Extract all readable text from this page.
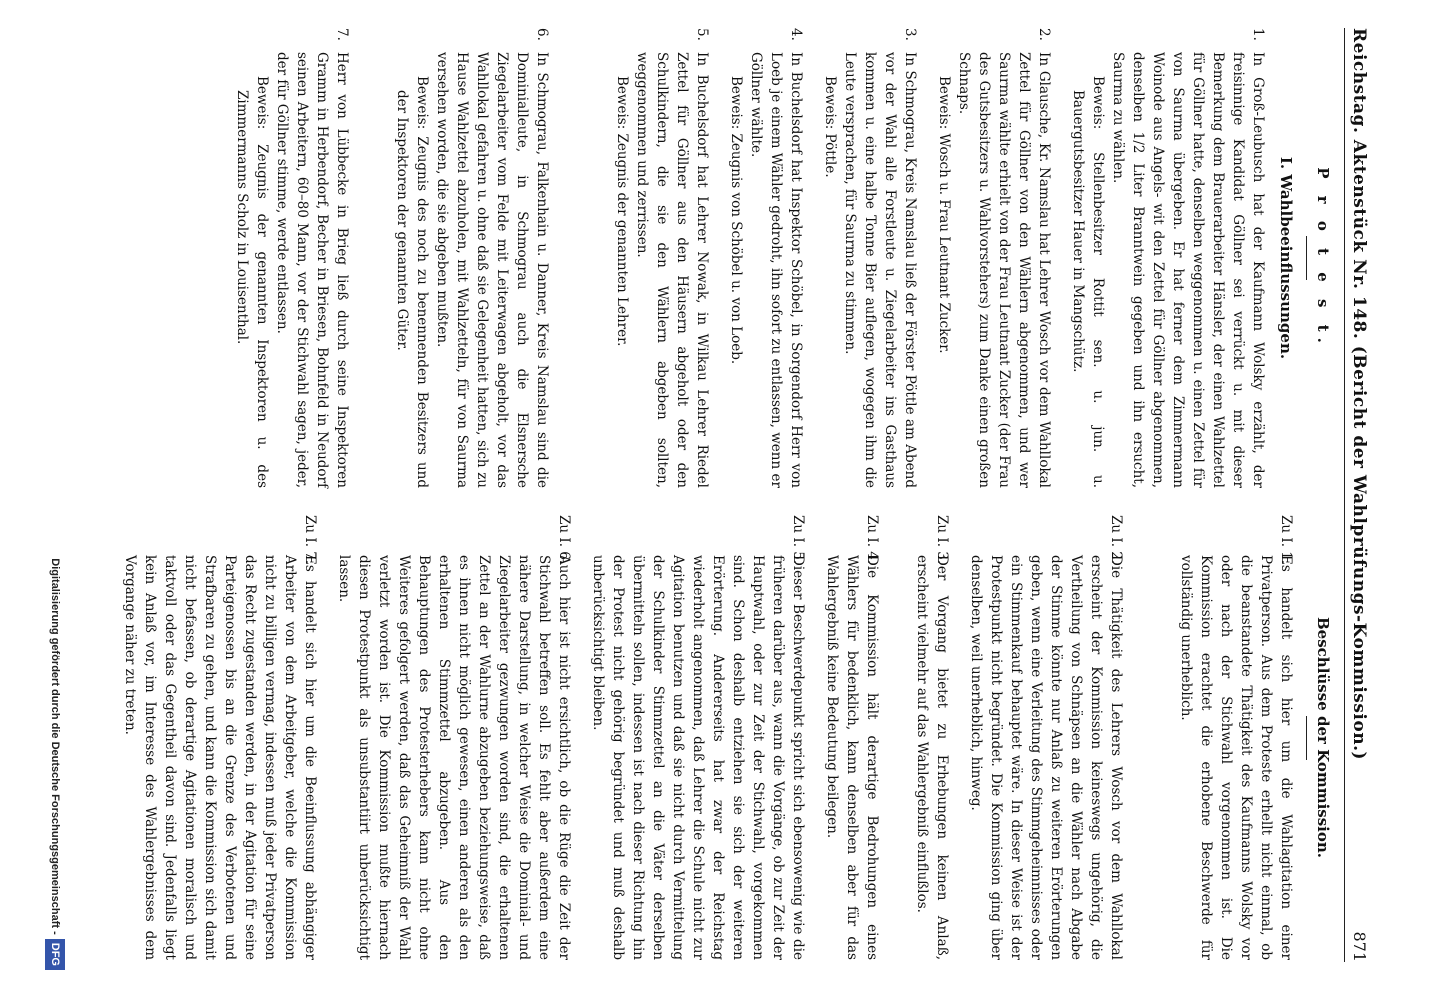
Reichstag. Aktenstück Nr. 148. (Bericht der Wahlprüfungs-Kommission.)
871
P r o t e s t.
I. Wahlbeeinflussungen.
1.
In Groß-Leubusch hat der Kaufmann Wolsky erzählt, der freisinnige Kandidat Göllner sei verrückt u. mit dieser Bemerkung dem Brauerarbeiter Hänsler, der einen Wahlzettel für Göllner hatte, denselben weggenommen u. einen Zettel für von Saurma übergeben. Er hat ferner dem Zimmermann Woinode aus Angels- wit den Zettel für Göllner abgenommen, denselben 1/2 Liter Branntwein gegeben und ihn ersucht, Saurma zu wählen.
Beweis: Stellenbesitzer Rottit sen. u. jun. u. Bauergutsbesitzer Hauer in Mangschütz.
2.
In Glausche, Kr. Namslau hat Lehrer Wosch vor dem Wahllokal Zettel für Göllner von den Wählern abgenommen, und wer Saurma wählte erhielt von der Frau Leutnant Zucker (der Frau des Gutsbesitzers u. Wahlvorstehers) zum Danke einen großen Schnaps.
Beweis: Wosch u. Frau Leutnant Zucker.
3.
In Schmograu, Kreis Namslau ließ der Förster Pöttle am Abend vor der Wahl alle Forstleute u. Ziegelarbeiter ins Gasthaus kommen u. eine halbe Tonne Bier auflegen, wogegen ihm die Leute versprachen, für Saurma zu stimmen.
Beweis: Pöttle.
4.
In Buchelsdorf hat Inspektor Schöbel, in Sorgendorf Herr von Loeb je einem Wähler gedroht, ihn sofort zu entlassen, wenn er Göllner wählte.
Beweis: Zeugnis von Schöbel u. von Loeb.
5.
In Buchelsdorf hat Lehrer Nowak, in Wilkau Lehrer Riedel Zettel für Göllner aus den Häusern abgeholt oder den Schulkindern, die sie den Wählern abgeben sollten, weggenommen und zerrissen.
Beweis: Zeugnis der genannten Lehrer.
6.
In Schmograu, Falkenhain u. Danner, Kreis Namslau sind die Dominialleute, in Schmograu auch die Elsnersche Ziegelarbeiter vom Felde mit Leiterwagen abgeholt, vor das Wahllokal gefahren u. ohne daß sie Gelegenheit hatten, sich zu Hause Wahlzettel abzuholen, mit Wahlzetteln, für von Saurma versehen worden, die sie abgeben mußten.
Beweis: Zeugnis des noch zu benennenden Besitzers und der Inspektoren der genannten Güter.
7.
Herr von Lübbecke in Brieg ließ durch seine Inspektoren Gramm in Herbendorf, Becher in Briesen, Bohnfeld in Neudorf seinen Arbeitern, 60–80 Mann, vor der Stichwahl sagen, jeder, der für Göllner stimme, werde entlassen.
Beweis: Zeugnis der genannten Inspektoren u. des Zimmermanns Scholz in Louisenthal.
Beschlüsse der Kommission.
Zu I. 1.
Es handelt sich hier um die Wahlagitation einer Privatperson. Aus dem Proteste erhellt nicht einmal, ob die beanstandete Thätigkeit des Kaufmanns Wolsky vor oder nach der Stichwahl vorgenommen ist. Die Kommission erachtet die erhobene Beschwerde für vollständig unerheblich.
Zu I. 2.
Die Thätigkeit des Lehrers Wosch vor dem Wahllokal erscheint der Kommission keineswegs ungehörig, die Vertheilung von Schnäpsen an die Wähler nach Abgabe der Stimme könnte nur Anlaß zu weiteren Erörterungen geben, wenn eine Verleitung des Stimmgeheimnisses oder ein Stimmenkauf behauptet wäre. In dieser Weise ist der Protestpunkt nicht begründet. Die Kommission ging über denselben, weil unerheblich, hinweg.
Zu I. 3.
Der Vorgang bietet zu Erhebungen keinen Anlaß, erscheint vielmehr auf das Wahlergebniß einflußlos.
Zu I. 4.
Die Kommission hält derartige Bedrohungen eines Wählers für bedenklich, kann denselben aber für das Wahlergebniß keine Bedeutung beilegen.
Zu I. 5.
Dieser Beschwerdepunkt spricht sich ebensowenig wie die früheren darüber aus, wann die Vorgänge, ob zur Zeit der Hauptwahl, oder zur Zeit der Stichwahl, vorgekommen sind. Schon deshalb entziehen sie sich der weiteren Erörterung. Andererseits hat zwar der Reichstag wiederholt angenommen, daß Lehrer die Schule nicht zur Agitation benutzen und daß sie nicht durch Vermittelung der Schulkinder Stimmzettel an die Väter derselben übermitteln sollen, indessen ist nach dieser Richtung hin der Protest nicht gehörig begründet und muß deshalb unberücksichtigt bleiben.
Zu I. 6.
Auch hier ist nicht ersichtlich, ob die Rüge die Zeit der Stichwahl betreffen soll. Es fehlt aber außerdem eine nähere Darstellung, in welcher Weise die Dominial- und Ziegelarbeiter gezwungen worden sind, die erhaltenen Zettel an der Wahlurne abzugeben beziehungsweise, daß es ihnen nicht möglich gewesen, einen anderen als den erhaltenen Stimmzettel abzugeben. Aus den Behauptungen des Protesterhebers kann nicht ohne Weiteres gefolgert werden, daß das Geheimniß der Wahl verletzt worden ist. Die Kommission mußte hiernach diesen Protestpunkt als unsubstantiirt unberücksichtigt lassen.
Zu I. 7.
Es handelt sich hier um die Beeinflussung abhängiger Arbeiter von dem Arbeitgeber, welche die Kommission nicht zu billigen vermag, indessen muß jeder Privatperson das Recht zugestanden werden, in der Agitation für seine Parteigenossen bis an die Grenze des Verbotenen und Strafbaren zu gehen, und kann die Kommission sich damit nicht befassen, ob derartige Agitationen moralisch und taktvoll oder das Gegentheil davon sind. Jedenfalls liegt kein Anlaß vor, im Interesse des Wahlergebnisses dem Vorgange näher zu treten.
Digitalisierung gefördert durch die Deutsche Forschungsgemeinschaft -DFG
